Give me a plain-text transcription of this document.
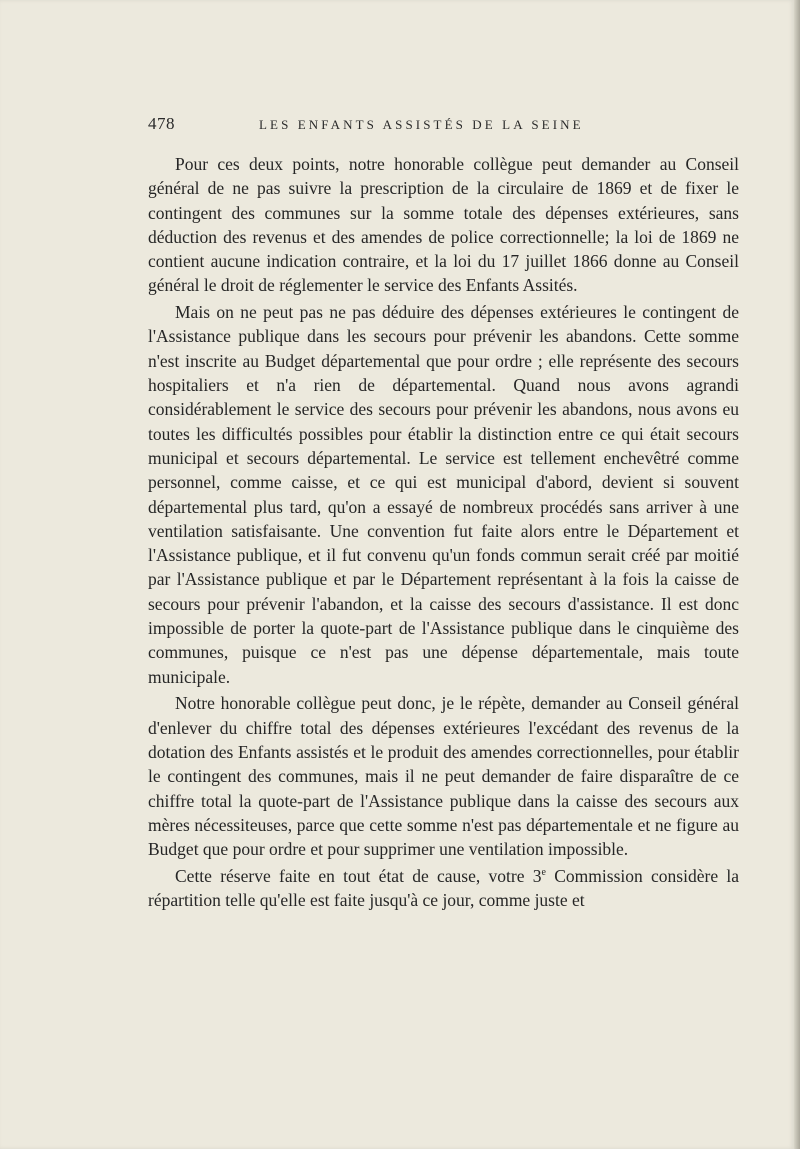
478	LES ENFANTS ASSISTÉS DE LA SEINE

Pour ces deux points, notre honorable collègue peut demander au Conseil général de ne pas suivre la prescription de la circulaire de 1869 et de fixer le contingent des communes sur la somme totale des dépenses extérieures, sans déduction des revenus et des amendes de police correctionnelle; la loi de 1869 ne contient aucune indication contraire, et la loi du 17 juillet 1866 donne au Conseil général le droit de réglementer le service des Enfants Assités.

Mais on ne peut pas ne pas déduire des dépenses extérieures le contingent de l'Assistance publique dans les secours pour prévenir les abandons. Cette somme n'est inscrite au Budget départemental que pour ordre ; elle représente des secours hospitaliers et n'a rien de départemental. Quand nous avons agrandi considérablement le service des secours pour prévenir les abandons, nous avons eu toutes les difficultés possibles pour établir la distinction entre ce qui était secours municipal et secours départemental. Le service est tellement enchevêtré comme personnel, comme caisse, et ce qui est municipal d'abord, devient si souvent départemental plus tard, qu'on a essayé de nombreux procédés sans arriver à une ventilation satisfaisante. Une convention fut faite alors entre le Département et l'Assistance publique, et il fut convenu qu'un fonds commun serait créé par moitié par l'Assistance publique et par le Département représentant à la fois la caisse de secours pour prévenir l'abandon, et la caisse des secours d'assistance. Il est donc impossible de porter la quote-part de l'Assistance publique dans le cinquième des communes, puisque ce n'est pas une dépense départementale, mais toute municipale.

Notre honorable collègue peut donc, je le répète, demander au Conseil général d'enlever du chiffre total des dépenses extérieures l'excédant des revenus de la dotation des Enfants assistés et le produit des amendes correctionnelles, pour établir le contingent des communes, mais il ne peut demander de faire disparaître de ce chiffre total la quote-part de l'Assistance publique dans la caisse des secours aux mères nécessiteuses, parce que cette somme n'est pas départementale et ne figure au Budget que pour ordre et pour supprimer une ventilation impossible.

Cette réserve faite en tout état de cause, votre 3e Commission considère la répartition telle qu'elle est faite jusqu'à ce jour, comme juste et
